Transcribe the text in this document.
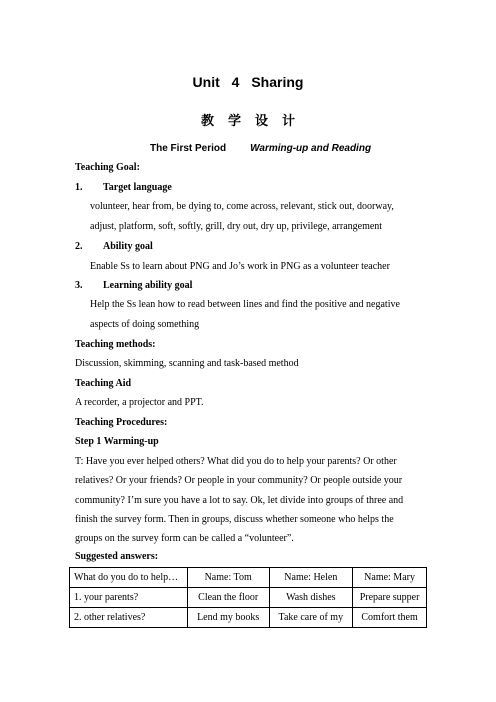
Unit 4 Sharing
教学设计
The First Period Warming-up and Reading
Teaching Goal:
1. Target language
volunteer, hear from, be dying to, come across, relevant, stick out, doorway,
adjust, platform, soft, softly, grill, dry out, dry up, privilege, arrangement
2. Ability goal
Enable Ss to learn about PNG and Jo’s work in PNG as a volunteer teacher
3. Learning ability goal
Help the Ss lean how to read between lines and find the positive and negative
aspects of doing something
Teaching methods:
Discussion, skimming, scanning and task-based method
Teaching Aid
A recorder, a projector and PPT.
Teaching Procedures:
Step 1 Warming-up
T: Have you ever helped others? What did you do to help your parents? Or other
relatives? Or your friends? Or people in your community? Or people outside your
community? I’m sure you have a lot to say. Ok, let divide into groups of three and
finish the survey form. Then in groups, discuss whether someone who helps the
groups on the survey form can be called a “volunteer”.
Suggested answers:
What do you do to help…	Name: Tom	Name: Helen	Name: Mary
1. your parents?	Clean the floor	Wash dishes	Prepare supper
2. other relatives?	Lend my books	Take care of my	Comfort them
